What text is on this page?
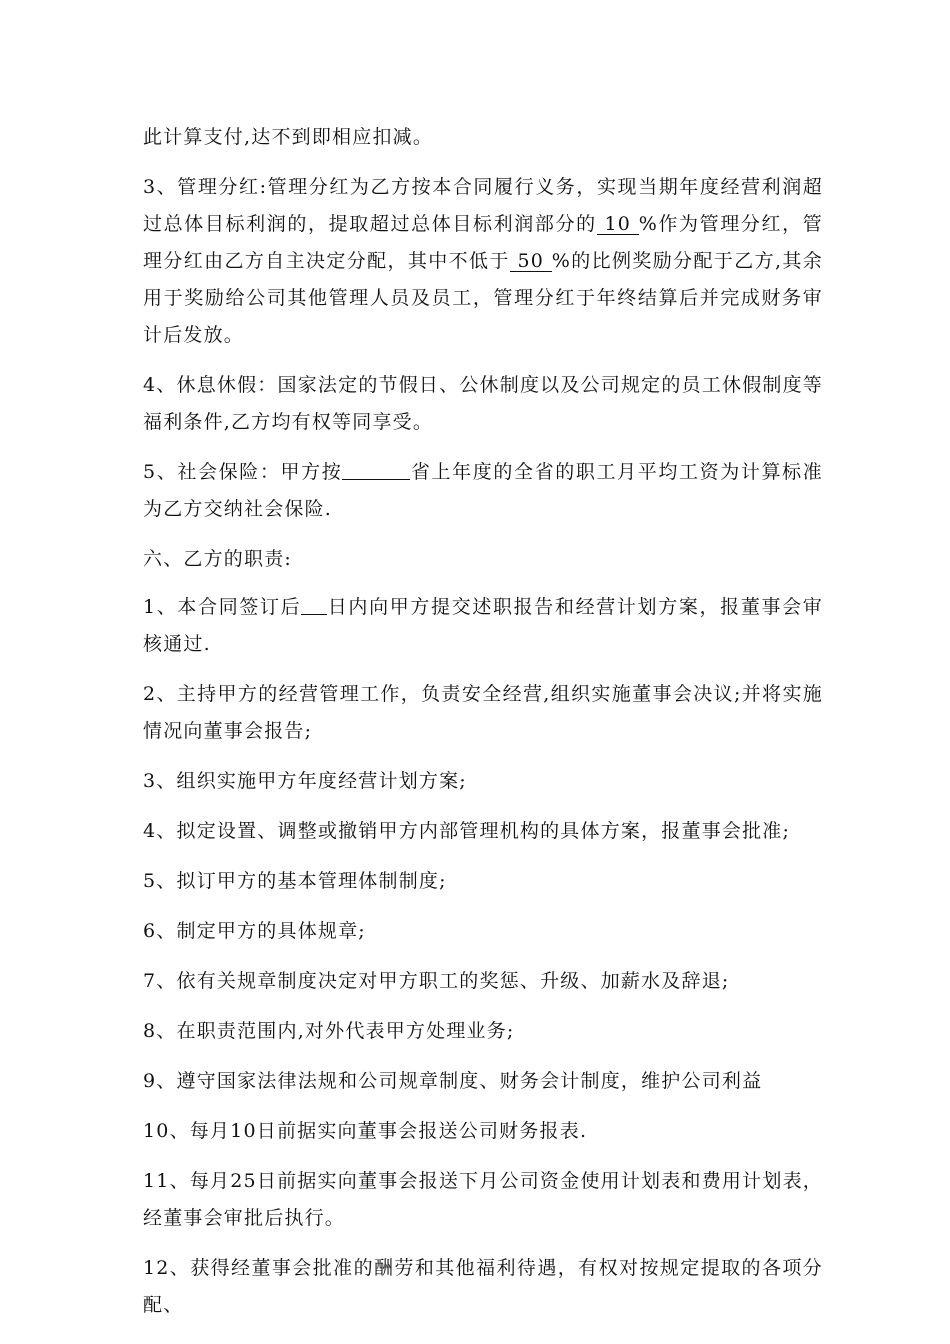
此计算支付,达不到即相应扣减。

3、管理分红:管理分红为乙方按本合同履行义务，实现当期年度经营利润超过总体目标利润的，提取超过总体目标利润部分的 10 %作为管理分红，管理分红由乙方自主决定分配，其中不低于 50 %的比例奖励分配于乙方,其余用于奖励给公司其他管理人员及员工，管理分红于年终结算后并完成财务审计后发放。

4、休息休假：国家法定的节假日、公休制度以及公司规定的员工休假制度等福利条件,乙方均有权等同享受。

5、社会保险：甲方按	省上年度的全省的职工月平均工资为计算标准为乙方交纳社会保险.

六、乙方的职责:

1、本合同签订后 日内向甲方提交述职报告和经营计划方案，报董事会审核通过.

2、主持甲方的经营管理工作，负责安全经营,组织实施董事会决议;并将实施情况向董事会报告;

3、组织实施甲方年度经营计划方案;

4、拟定设置、调整或撤销甲方内部管理机构的具体方案，报董事会批准;

5、拟订甲方的基本管理体制制度;

6、制定甲方的具体规章;

7、依有关规章制度决定对甲方职工的奖惩、升级、加薪水及辞退;

8、在职责范围内,对外代表甲方处理业务;

9、遵守国家法律法规和公司规章制度、财务会计制度，维护公司利益

10、每月10日前据实向董事会报送公司财务报表.

11、每月25日前据实向董事会报送下月公司资金使用计划表和费用计划表，经董事会审批后执行。

12、获得经董事会批准的酬劳和其他福利待遇，有权对按规定提取的各项分配、
